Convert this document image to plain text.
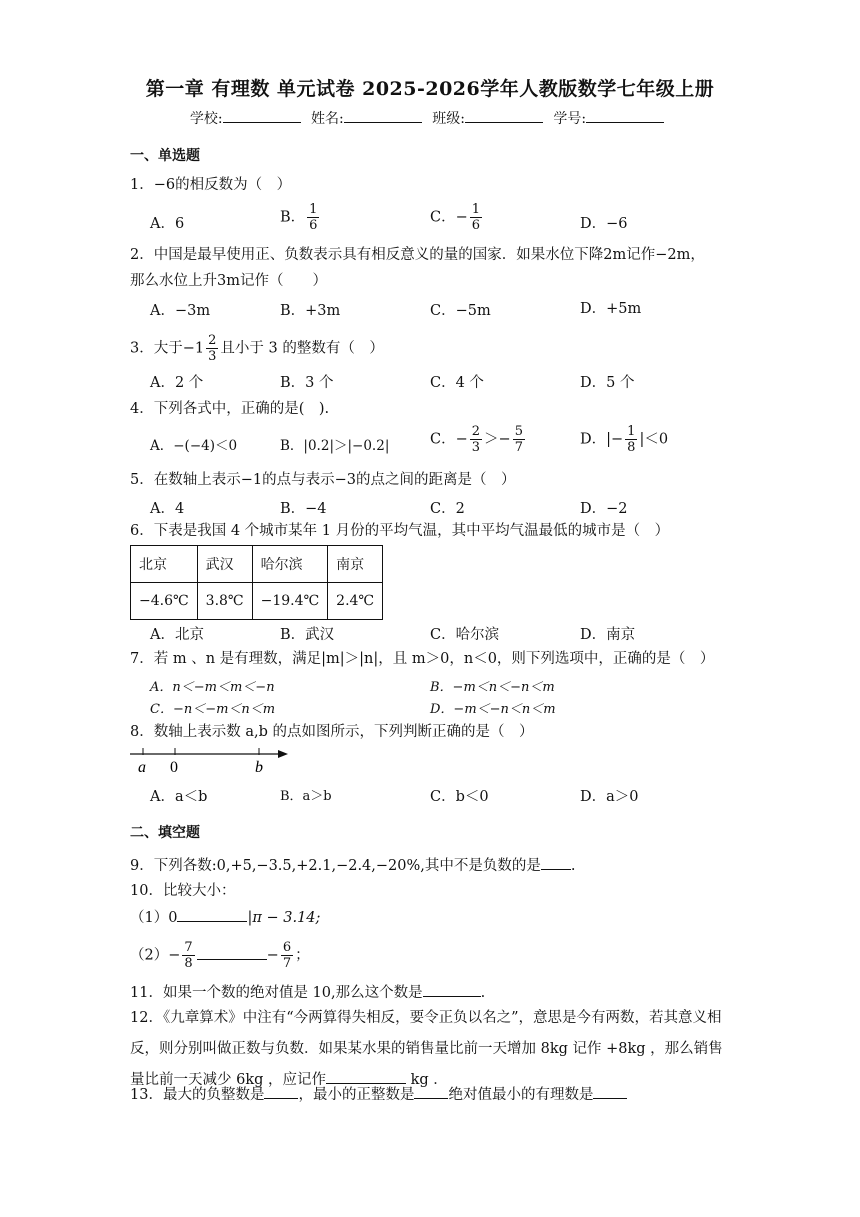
第一章 有理数 单元试卷 2025-2026学年人教版数学七年级上册
学校:	姓名:	班级:	学号:
一、单选题
1．−6的相反数为（　）
A．6	B． $\frac{1}{6}$	C．− $\frac{1}{6}$	D．−6
2．中国是最早使用正、负数表示具有相反意义的量的国家．如果水位下降2m记作−2m，
那么水位上升3m记作（　　）
A．−3m	B．+3m	C．−5m	D．+5m
3．大于$-1 \frac{2}{3}$ 且小于 3 的整数有（　）
A．2 个	B．3 个	C．4 个	D．5 个
4．下列各式中，正确的是(　).
A．−(−4)＜0	B．|0.2|＞|−0.2|	C．− $\frac{2}{3} >- \frac{5}{7}$	D．|− $\frac{1}{8} |<0$
5．在数轴上表示−1的点与表示−3的点之间的距离是（　）
A．4	B．−4	C．2	D．−2
6．下表是我国 4 个城市某年 1 月份的平均气温，其中平均气温最低的城市是（　）
北京	武汉	哈尔滨	南京
−4.6℃	3.8℃	−19.4℃	2.4℃
A．北京	B．武汉	C．哈尔滨	D．南京
7．若 m 、n 是有理数，满足|m|＞|n|，且 m＞0，n＜0，则下列选项中，正确的是（　）
A．n＜−m＜m＜−n	B．−m＜n＜−n＜m
C．−n＜−m＜n＜m	D．−m＜−n＜n＜m
8．数轴上表示数 a,b 的点如图所示，下列判断正确的是（　）
a 0	b
A．a＜b	B．a＞b	C．b＜0	D．a＞0
二、填空题
9．下列各数:0,+5,−3.5,+2.1,−2.4,−20%,其中不是负数的是 .
10．比较大小：
（1）0	|π − 3.14;
$(2)- \frac{7}{8}$	− $\frac{6}{7}$ ；
11．如果一个数的绝对值是 10,那么这个数是	.
12．《九章算术》中注有“今两算得失相反，要令正负以名之”，意思是今有两数，若其意义相反，则分别叫做正数与负数．如果某水果的销售量比前一天增加 8kg 记作 +8kg ，那么销售量比前一天减少 6kg ，应记作	kg ．
13．最大的负整数是 ，最小的正整数是 绝对值最小的有理数是
